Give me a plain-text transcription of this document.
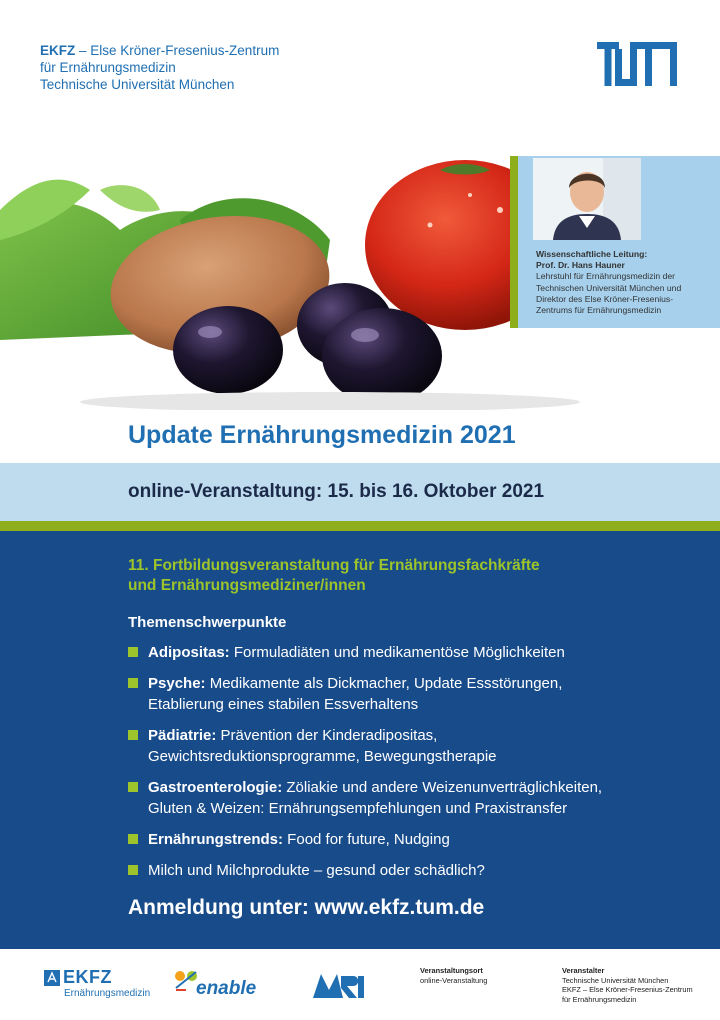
EKFZ – Else Kröner-Fresenius-Zentrum
für Ernährungsmedizin
Technische Universität München
Wissenschaftliche Leitung:
Prof. Dr. Hans Hauner
Lehrstuhl für Ernährungsmedizin der
Technischen Universität München und
Direktor des Else Kröner-Fresenius-
Zentrums für Ernährungsmedizin
Update Ernährungsmedizin 2021
online-Veranstaltung: 15. bis 16. Oktober 2021
11. Fortbildungsveranstaltung für Ernährungsfachkräfte
und Ernährungsmediziner/innen
Themenschwerpunkte
Adipositas: Formuladiäten und medikamentöse Möglichkeiten
Psyche: Medikamente als Dickmacher, Update Essstörungen,
Etablierung eines stabilen Essverhaltens
Pädiatrie: Prävention der Kinderadipositas,
Gewichtsreduktionsprogramme, Bewegungstherapie
Gastroenterologie: Zöliakie und andere Weizenunverträglichkeiten,
Gluten & Weizen: Ernährungsempfehlungen und Praxistransfer
Ernährungstrends: Food for future, Nudging
Milch und Milchprodukte – gesund oder schädlich?
Anmeldung unter: www.ekfz.tum.de
EKFZ
Ernährungsmedizin enable
Veranstaltungsort
online-Veranstaltung
Veranstalter
Technische Universität München
EKFZ – Else Kröner-Fresenius-Zentrum
für Ernährungsmedizin
